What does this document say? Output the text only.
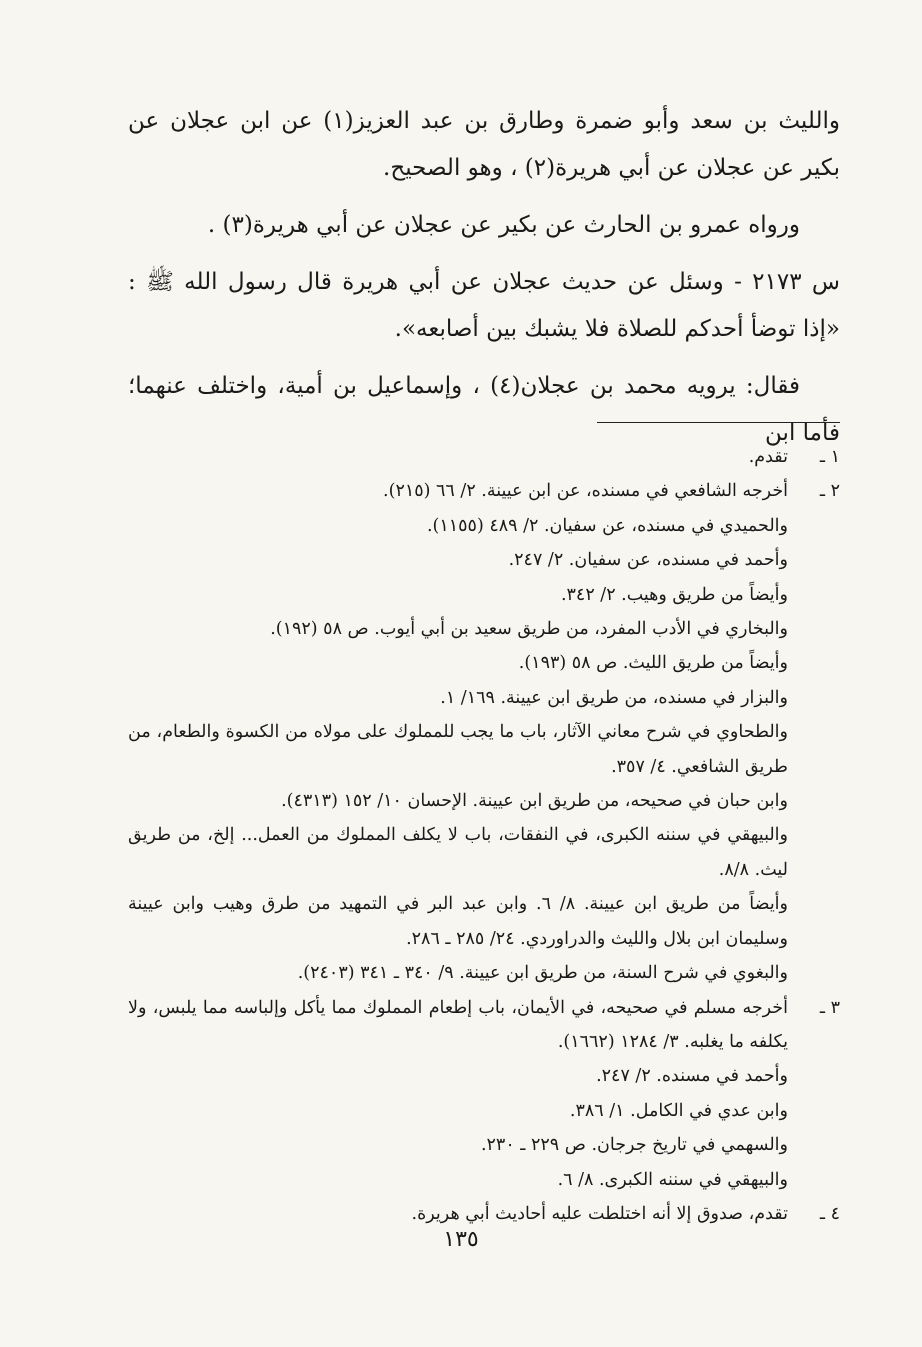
والليث بن سعد وأبو ضمرة وطارق بن عبد العزيز(١) عن ابن عجلان عن بكير عن عجلان عن أبي هريرة(٢) ، وهو الصحيح.

ورواه عمرو بن الحارث عن بكير عن عجلان عن أبي هريرة(٣) .

س ٢١٧٣ - وسئل عن حديث عجلان عن أبي هريرة قال رسول الله ﷺ : «إذا توضأ أحدكم للصلاة فلا يشبك بين أصابعه».

فقال: يرويه محمد بن عجلان(٤) ، وإسماعيل بن أمية، واختلف عنهما؛ فأما ابن

١ ـ
تقدم.
٢ ـ
أخرجه الشافعي في مسنده، عن ابن عيينة. ٢/ ٦٦ (٢١٥).
والحميدي في مسنده، عن سفيان. ٢/ ٤٨٩ (١١٥٥).
وأحمد في مسنده، عن سفيان. ٢/ ٢٤٧.
وأيضاً من طريق وهيب. ٢/ ٣٤٢.
والبخاري في الأدب المفرد، من طريق سعيد بن أبي أيوب. ص ٥٨ (١٩٢).
وأيضاً من طريق الليث. ص ٥٨ (١٩٣).
والبزار في مسنده، من طريق ابن عيينة. ١٦٩/ ١.
والطحاوي في شرح معاني الآثار، باب ما يجب للمملوك على مولاه من الكسوة والطعام، من طريق الشافعي. ٤/ ٣٥٧.
وابن حبان في صحيحه، من طريق ابن عيينة. الإحسان ١٠/ ١٥٢ (٤٣١٣).
والبيهقي في سننه الكبرى، في النفقات، باب لا يكلف المملوك من العمل... إلخ، من طريق ليث. ٨/٨.
وأيضاً من طريق ابن عيينة. ٨/ ٦. وابن عبد البر في التمهيد من طرق وهيب وابن عيينة وسليمان ابن بلال والليث والدراوردي. ٢٤/ ٢٨٥ ـ ٢٨٦.
والبغوي في شرح السنة، من طريق ابن عيينة. ٩/ ٣٤٠ ـ ٣٤١ (٢٤٠٣).
٣ ـ
أخرجه مسلم في صحيحه، في الأيمان، باب إطعام المملوك مما يأكل وإلباسه مما يلبس، ولا يكلفه ما يغلبه. ٣/ ١٢٨٤ (١٦٦٢).
وأحمد في مسنده. ٢/ ٢٤٧.
وابن عدي في الكامل. ١/ ٣٨٦.
والسهمي في تاريخ جرجان. ص ٢٢٩ ـ ٢٣٠.
والبيهقي في سننه الكبرى. ٨/ ٦.
٤ ـ
تقدم، صدوق إلا أنه اختلطت عليه أحاديث أبي هريرة.
١٣٥
